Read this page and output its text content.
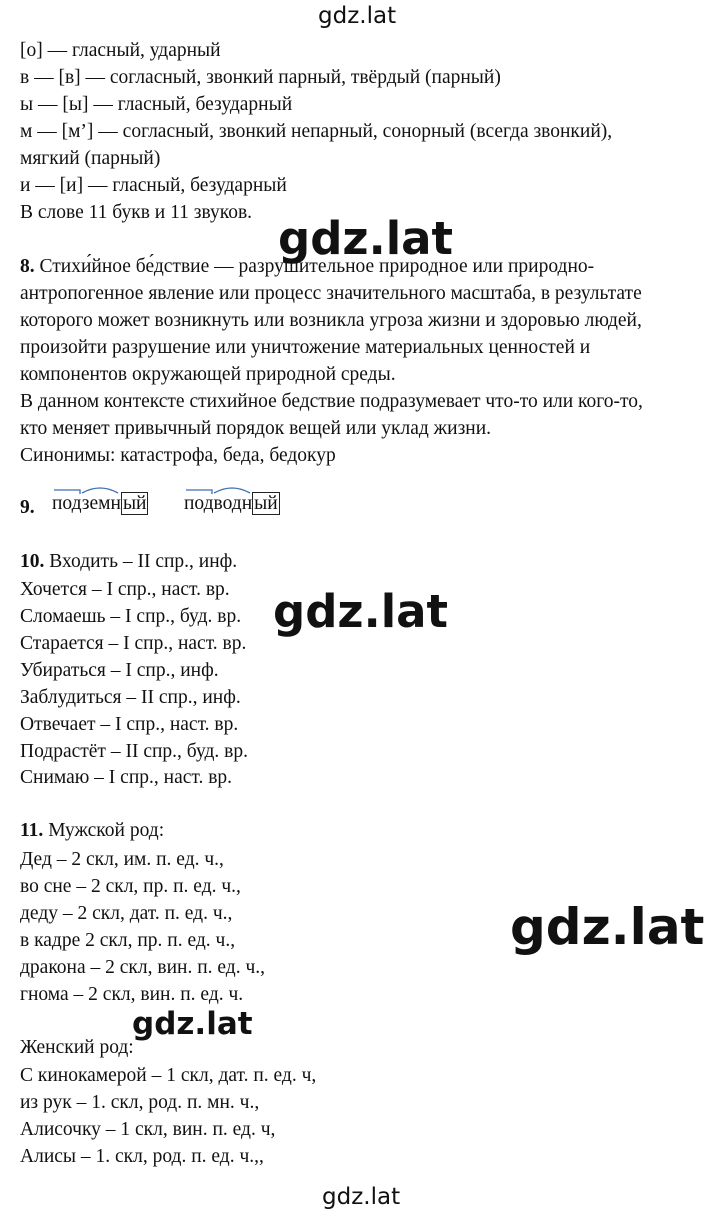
gdz.lat
gdz.lat
gdz.lat
gdz.lat
gdz.lat
[о] — гласный, ударный
в — [в] — согласный, звонкий парный, твёрдый (парный)
ы — [ы] — гласный, безударный
м — [м’] — согласный, звонкий непарный, сонорный (всегда звонкий),
мягкий (парный)
и — [и] — гласный, безударный
В слове 11 букв и 11 звуков.
8. Стихи́йное бе́дствие — разрушительное природное или природно-
антропогенное явление или процесс значительного масштаба, в результате
которого может возникнуть или возникла угроза жизни и здоровью людей,
произойти разрушение или уничтожение материальных ценностей и
компонентов окружающей природной среды.
В данном контексте стихийное бедствие подразумевает что-то или кого-то,
кто меняет привычный порядок вещей или уклад жизни.
Синонимы: катастрофа, беда, бедокур
9. подземн ый подводн ый
10. Входить – II спр., инф.
Хочется – I спр., наст. вр.
Сломаешь – I спр., буд. вр.
Старается – I спр., наст. вр.
Убираться – I спр., инф.
Заблудиться – II спр., инф.
Отвечает – I спр., наст. вр.
Подрастёт – II спр., буд. вр.
Снимаю – I спр., наст. вр.
11. Мужской род:
Дед – 2 скл, им. п. ед. ч.,
во сне – 2 скл, пр. п. ед. ч.,
деду – 2 скл, дат. п. ед. ч.,
в кадре 2 скл, пр. п. ед. ч.,
дракона – 2 скл, вин. п. ед. ч.,
гнома – 2 скл, вин. п. ед. ч.
gdz.lat
Женский род:
С кинокамерой – 1 скл, дат. п. ед. ч,
из рук – 1. скл, род. п. мн. ч.,
Алисочку – 1 скл, вин. п. ед. ч,
Алисы – 1. скл, род. п. ед. ч.,,
